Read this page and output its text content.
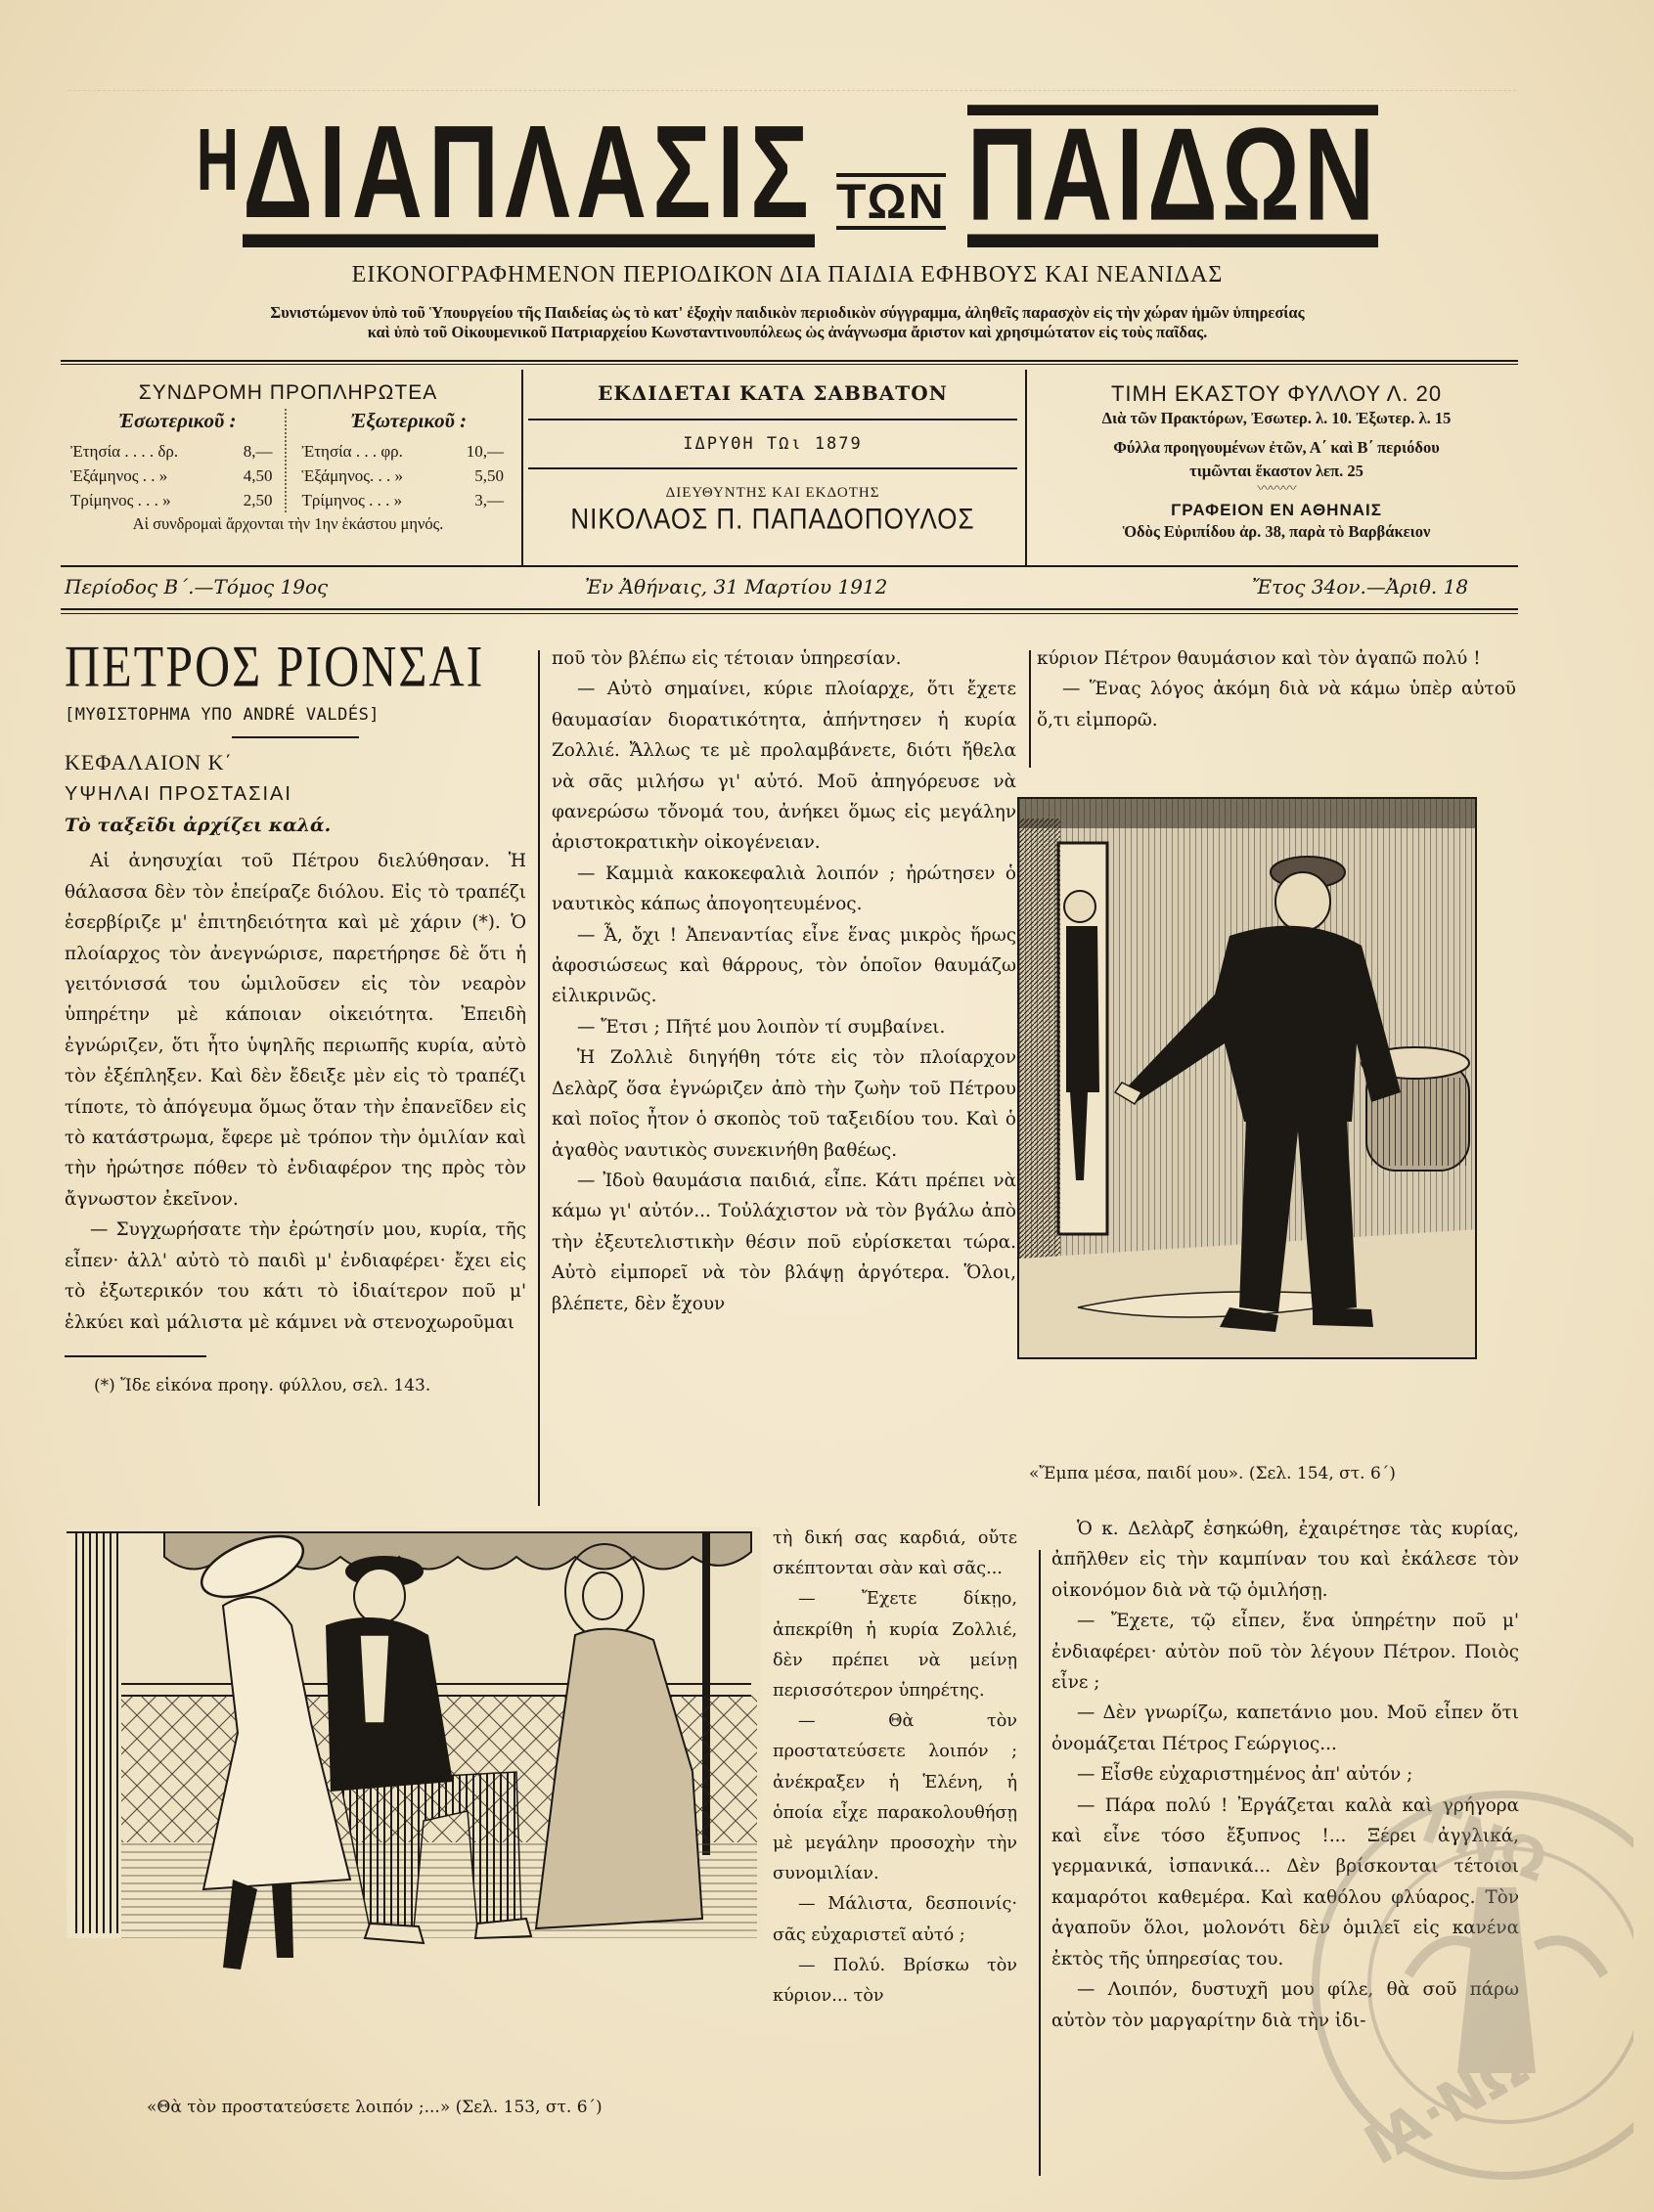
Η ΔΙΑΠΛΑΣΙΣ ΤΩΝ ΠΑΙΔΩΝ
ΕΙΚΟΝΟΓΡΑΦΗΜΕΝΟΝ ΠΕΡΙΟΔΙΚΟΝ ΔΙΑ ΠΑΙΔΙΑ ΕΦΗΒΟΥΣ ΚΑΙ ΝΕΑΝΙΔΑΣ
Συνιστώμενον ὑπὸ τοῦ Ὑπουργείου τῆς Παιδείας ὡς τὸ κατ' ἐξοχὴν παιδικὸν περιοδικὸν σύγγραμμα, ἀληθεῖς παρασχὸν εἰς τὴν χώραν ἡμῶν ὑπηρεσίας
καὶ ὑπὸ τοῦ Οἰκουμενικοῦ Πατριαρχείου Κωνσταντινουπόλεως ὡς ἀνάγνωσμα ἄριστον καὶ χρησιμώτατον εἰς τοὺς παῖδας.
ΣΥΝΔΡΟΜΗ ΠΡΟΠΛΗΡΩΤΕΑ
Ἐσωτερικοῦ :
Ἐτησία . . . . δρ.	8,—
Ἑξάμηνος . . »	4,50
Τρίμηνος . . . »	2,50
Ἐξωτερικοῦ :
Ἐτησία . . . φρ.	10,—
Ἑξάμηνος. . . »	5,50
Τρίμηνος . . . »	3,—
Αἱ συνδρομαὶ ἄρχονται τὴν 1ην ἑκάστου μηνός.
ΕΚΔΙΔΕΤΑΙ ΚΑΤΑ ΣΑΒΒΑΤΟΝ
ΙΔΡΥΘΗ ΤΩι 1879
ΔΙΕΥΘΥΝΤΗΣ ΚΑΙ ΕΚΔΟΤΗΣ
ΝΙΚΟΛΑΟΣ Π. ΠΑΠΑΔΟΠΟΥΛΟΣ
ΤΙΜΗ ΕΚΑΣΤΟΥ ΦΥΛΛΟΥ Λ. 20
Διὰ τῶν Πρακτόρων, Ἐσωτερ. λ. 10. Ἐξωτερ. λ. 15
Φύλλα προηγουμένων ἐτῶν, Α΄ καὶ Β΄ περιόδου
τιμῶνται ἕκαστον λεπ. 25
〰〰〰
ΓΡΑΦΕΙΟΝ ΕΝ ΑΘΗΝΑΙΣ
Ὁδὸς Εὐριπίδου ἀρ. 38, παρὰ τὸ Βαρβάκειον
Περίοδος Β΄.—Τόμος 19ος	Ἐν Ἀθήναις, 31 Μαρτίου 1912	Ἔτος 34ον.—Ἀριθ. 18
ΠΕΤΡΟΣ ΡΙΟΝΣΑΙ
[ΜΥΘΙΣΤΟΡΗΜΑ ΥΠΟ ANDRÉ VALDÉS]
ΚΕΦΑΛΑΙΟΝ Κ΄
ΥΨΗΛΑΙ ΠΡΟΣΤΑΣΙΑΙ
Τὸ ταξεῖδι ἀρχίζει καλά.

Αἱ ἀνησυχίαι τοῦ Πέτρου διελύθησαν. Ἡ θάλασσα δὲν τὸν ἐπείραζε διόλου. Εἰς τὸ τραπέζι ἐσερβίριζε μ' ἐπιτηδειότητα καὶ μὲ χάριν (*). Ὁ πλοίαρχος τὸν ἀνεγνώρισε, παρετήρησε δὲ ὅτι ἡ γειτόνισσά του ὡμιλοῦσεν εἰς τὸν νεαρὸν ὑπηρέτην μὲ κάποιαν οἰκειότητα. Ἐπειδὴ ἐγνώριζεν, ὅτι ἦτο ὑψηλῆς περιωπῆς κυρία, αὐτὸ τὸν ἐξέπληξεν. Καὶ δὲν ἔδειξε μὲν εἰς τὸ τραπέζι τίποτε, τὸ ἀπόγευμα ὅμως ὅταν τὴν ἐπανεῖδεν εἰς τὸ κατάστρωμα, ἔφερε μὲ τρόπον τὴν ὁμιλίαν καὶ τὴν ἠρώτησε πόθεν τὸ ἐνδιαφέρον της πρὸς τὸν ἄγνωστον ἐκεῖνον.

— Συγχωρήσατε τὴν ἐρώτησίν μου, κυρία, τῆς εἶπεν· ἀλλ' αὐτὸ τὸ παιδὶ μ' ἐνδιαφέρει· ἔχει εἰς τὸ ἐξωτερικόν του κάτι τὸ ἰδιαίτερον ποῦ μ' ἑλκύει καὶ μάλιστα μὲ κάμνει νὰ στενοχωροῦμαι

(*) Ἴδε εἰκόνα προηγ. φύλλου, σελ. 143.

ποῦ τὸν βλέπω εἰς τέτοιαν ὑπηρεσίαν.

— Αὐτὸ σημαίνει, κύριε πλοίαρχε, ὅτι ἔχετε θαυμασίαν διορατικότητα, ἀπήντησεν ἡ κυρία Ζολλιέ. Ἄλλως τε μὲ προλαμβάνετε, διότι ἤθελα νὰ σᾶς μιλήσω γι' αὐτό. Μοῦ ἀπηγόρευσε νὰ φανερώσω τὄνομά του, ἀνήκει ὅμως εἰς μεγάλην ἀριστοκρατικὴν οἰκογένειαν.

— Καμμιὰ κακοκεφαλιὰ λοιπόν ; ἠρώτησεν ὁ ναυτικὸς κάπως ἀπογοητευμένος.

— Ἆ, ὄχι ! Ἀπεναντίας εἶνε ἕνας μικρὸς ἥρως ἀφοσιώσεως καὶ θάρρους, τὸν ὁποῖον θαυμάζω εἰλικρινῶς.

— Ἔτσι ; Πῆτέ μου λοιπὸν τί συμβαίνει.

Ἡ Ζολλιὲ διηγήθη τότε εἰς τὸν πλοίαρχον Δελὰρζ ὅσα ἐγνώριζεν ἀπὸ τὴν ζωὴν τοῦ Πέτρου καὶ ποῖος ἦτον ὁ σκοπὸς τοῦ ταξειδίου του. Καὶ ὁ ἀγαθὸς ναυτικὸς συνεκινήθη βαθέως.

— Ἰδοὺ θαυμάσια παιδιά, εἶπε. Κάτι πρέπει νὰ κάμω γι' αὐτόν... Τοὐλάχιστον νὰ τὸν βγάλω ἀπὸ τὴν ἐξευτελιστικὴν θέσιν ποῦ εὑρίσκεται τώρα. Αὐτὸ εἰμπορεῖ νὰ τὸν βλάψῃ ἀργότερα. Ὅλοι, βλέπετε, δὲν ἔχουν

τὴ δική σας καρδιά, οὔτε σκέπτονται σὰν καὶ σᾶς...

— Ἔχετε δίκῃο, ἀπεκρίθη ἡ κυρία Ζολλιέ, δὲν πρέπει νὰ μείνῃ περισσότερον ὑπηρέτης.

— Θὰ τὸν προστατεύσετε λοιπόν ; ἀνέκραξεν ἡ Ἑλένη, ἡ ὁποία εἶχε παρακολουθήσῃ μὲ μεγάλην προσοχὴν τὴν συνομιλίαν.

— Μάλιστα, δεσποινίς· σᾶς εὐχαριστεῖ αὐτό ;

— Πολύ. Βρίσκω τὸν κύριον... τὸν

κύριον Πέτρον θαυμάσιον καὶ τὸν ἀγαπῶ πολύ !

— Ἕνας λόγος ἀκόμη διὰ νὰ κάμω ὑπὲρ αὐτοῦ ὅ,τι εἰμπορῶ.

«Ἔμπα μέσα, παιδί μου». (Σελ. 154, στ. 6΄)

Ὁ κ. Δελὰρζ ἐσηκώθη, ἐχαιρέτησε τὰς κυρίας, ἀπῆλθεν εἰς τὴν καμπίναν του καὶ ἐκάλεσε τὸν οἰκονόμον διὰ νὰ τῷ ὁμιλήσῃ.

— Ἔχετε, τῷ εἶπεν, ἕνα ὑπηρέτην ποῦ μ' ἐνδιαφέρει· αὐτὸν ποῦ τὸν λέγουν Πέτρον. Ποιὸς εἶνε ;

— Δὲν γνωρίζω, καπετάνιο μου. Μοῦ εἶπεν ὅτι ὀνομάζεται Πέτρος Γεώργιος...

— Εἶσθε εὐχαριστημένος ἀπ' αὐτόν ;

— Πάρα πολύ ! Ἐργάζεται καλὰ καὶ γρήγορα καὶ εἶνε τόσο ἔξυπνος !... Ξέρει ἀγγλικά, γερμανικά, ἰσπανικά... Δὲν βρίσκονται τέτοιοι καμαρότοι καθεμέρα. Καὶ καθόλου φλύαρος. Τὸν ἀγαποῦν ὅλοι, μολονότι δὲν ὁμιλεῖ εἰς κανένα ἐκτὸς τῆς ὑπηρεσίας του.

— Λοιπόν, δυστυχῆ μου φίλε, θὰ σοῦ πάρω αὐτὸν τὸν μαργαρίτην διὰ τὴν ἰδι-

«Θὰ τὸν προστατεύσετε λοιπόν ;...» (Σελ. 153, στ. 6΄)
ΓΝΩ
ΙΑ·ΝΩ
